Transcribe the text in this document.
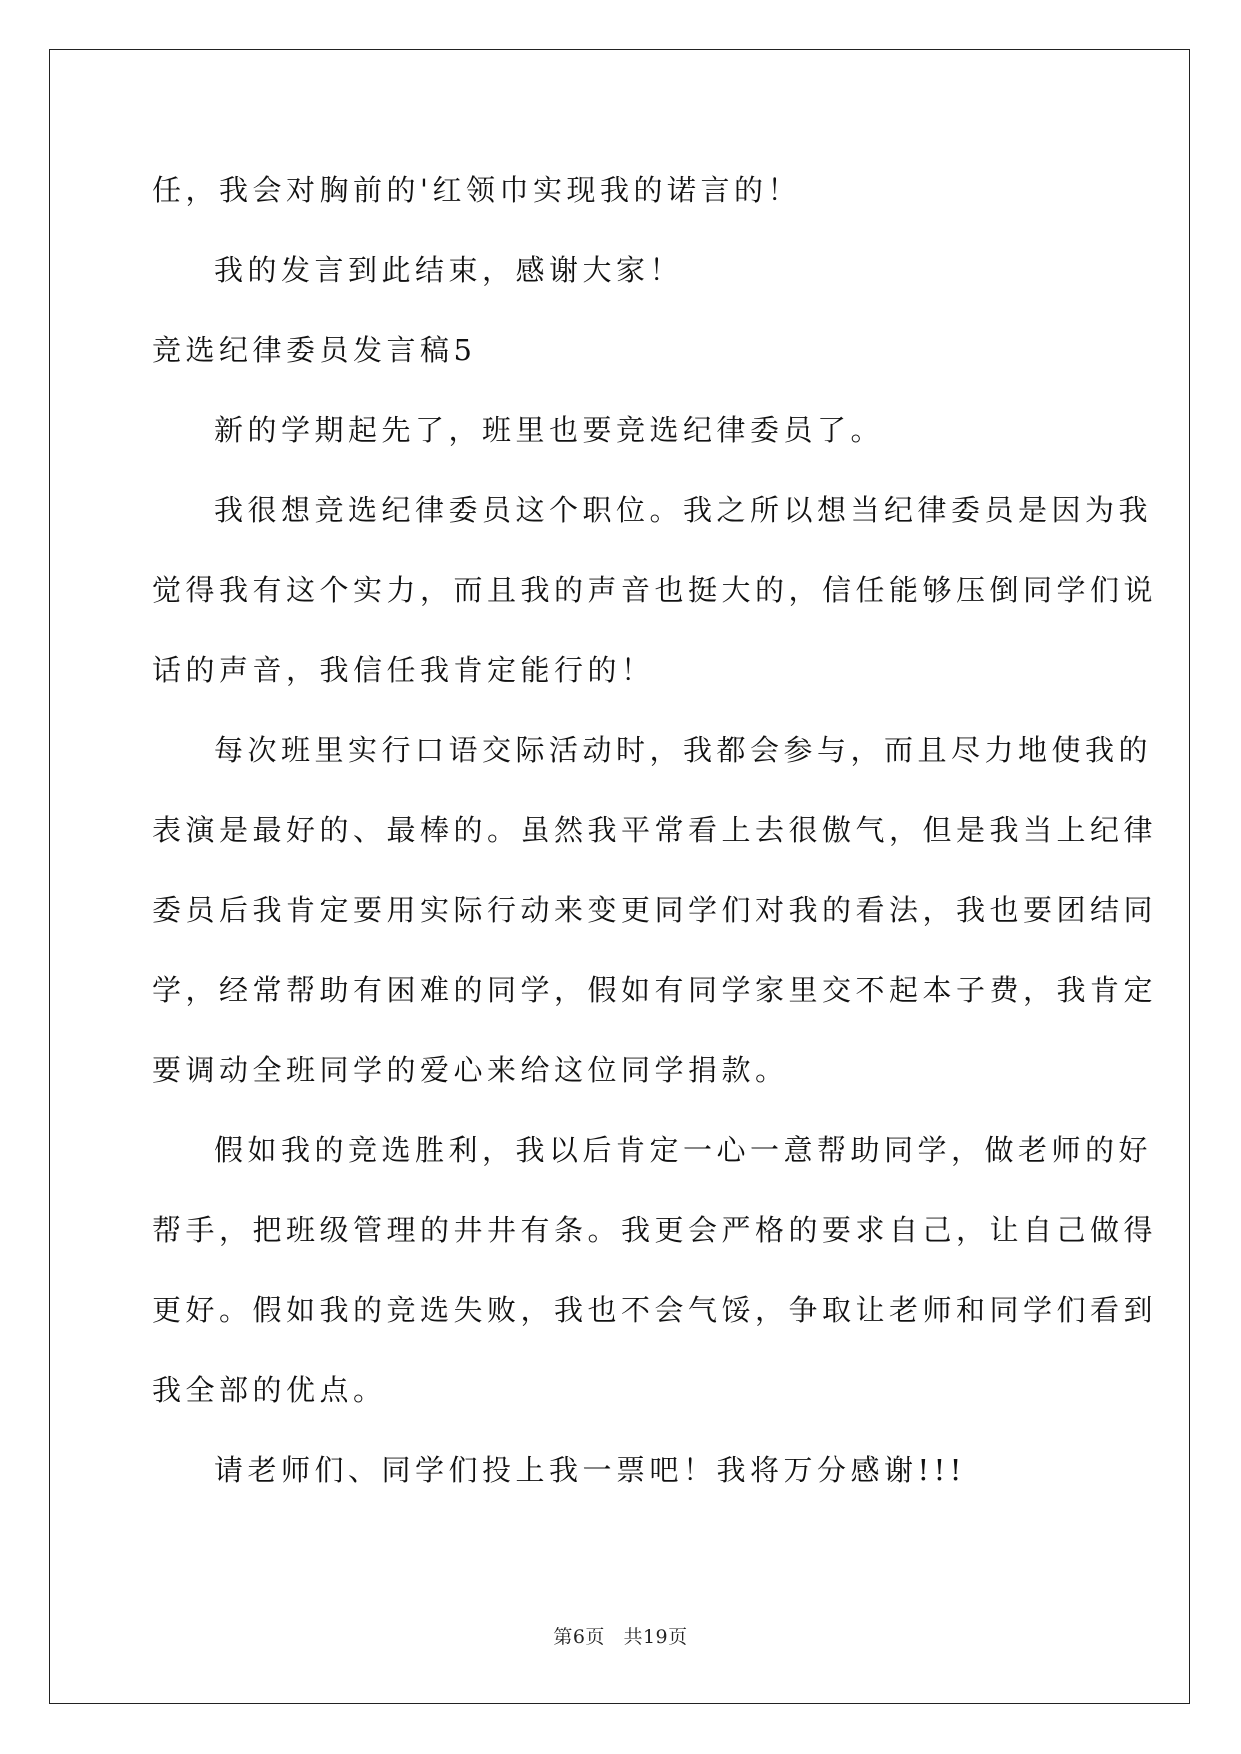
任，我会对胸前的'红领巾实现我的诺言的！
我的发言到此结束，感谢大家！
竞选纪律委员发言稿5
新的学期起先了，班里也要竞选纪律委员了。
我很想竞选纪律委员这个职位。我之所以想当纪律委员是因为我
觉得我有这个实力，而且我的声音也挺大的，信任能够压倒同学们说
话的声音，我信任我肯定能行的！
每次班里实行口语交际活动时，我都会参与，而且尽力地使我的
表演是最好的、最棒的。虽然我平常看上去很傲气，但是我当上纪律
委员后我肯定要用实际行动来变更同学们对我的看法，我也要团结同
学，经常帮助有困难的同学，假如有同学家里交不起本子费，我肯定
要调动全班同学的爱心来给这位同学捐款。
假如我的竞选胜利，我以后肯定一心一意帮助同学，做老师的好
帮手，把班级管理的井井有条。我更会严格的要求自己，让自己做得
更好。假如我的竞选失败，我也不会气馁，争取让老师和同学们看到
我全部的优点。
请老师们、同学们投上我一票吧！我将万分感谢!!!
第6页 共19页
